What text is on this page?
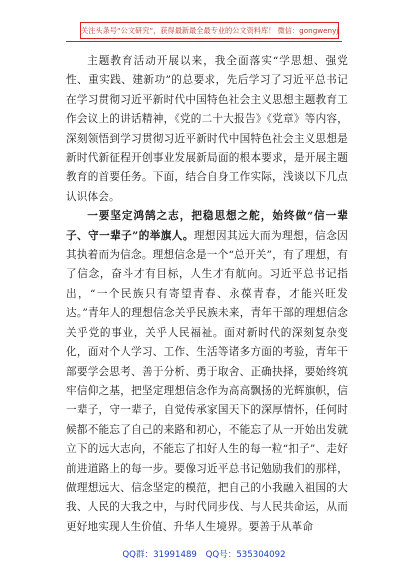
关注头条号“公文研究”，获得最新最全最专业的公文资料库！ 微信：gongwenyj

主题教育活动开展以来，我全面落实“学思想、强党性、重实践、建新功”的总要求，先后学习了习近平总书记在学习贯彻习近平新时代中国特色社会主义思想主题教育工作会议上的讲话精神，《党的二十大报告》《党章》等内容，深刻领悟到学习贯彻习近平新时代中国特色社会主义思想是新时代新征程开创事业发展新局面的根本要求，是开展主题教育的首要任务。下面，结合自身工作实际，浅谈以下几点认识体会。

一要坚定鸿鹄之志，把稳思想之舵，始终做“信一辈子、守一辈子”的举旗人。理想因其远大而为理想，信念因其执着而为信念。理想信念是一个“总开关”，有了理想，有了信念，奋斗才有目标，人生才有航向。习近平总书记指出，“一个民族只有寄望青春、永葆青春，才能兴旺发达。”青年人的理想信念关乎民族未来，青年干部的理想信念关乎党的事业，关乎人民福祉。面对新时代的深刻复杂变化，面对个人学习、工作、生活等诸多方面的考验，青年干部要学会思考、善于分析、勇于取舍、正确抉择，要始终筑牢信仰之基，把坚定理想信念作为高高飘扬的光辉旗帜，信一辈子，守一辈子，自觉传承家国天下的深厚情怀，任何时候都不能忘了自己的来路和初心，不能忘了从一开始出发就立下的远大志向，不能忘了扣好人生的每一粒“扣子”、走好前进道路上的每一步。要像习近平总书记勉励我们的那样，做理想远大、信念坚定的模范，把自己的小我融入祖国的大我、人民的大我之中，与时代同步伐、与人民共命运，从而更好地实现人生价值、升华人生境界。要善于从革命

QQ群：31991489 QQ号：535304092
